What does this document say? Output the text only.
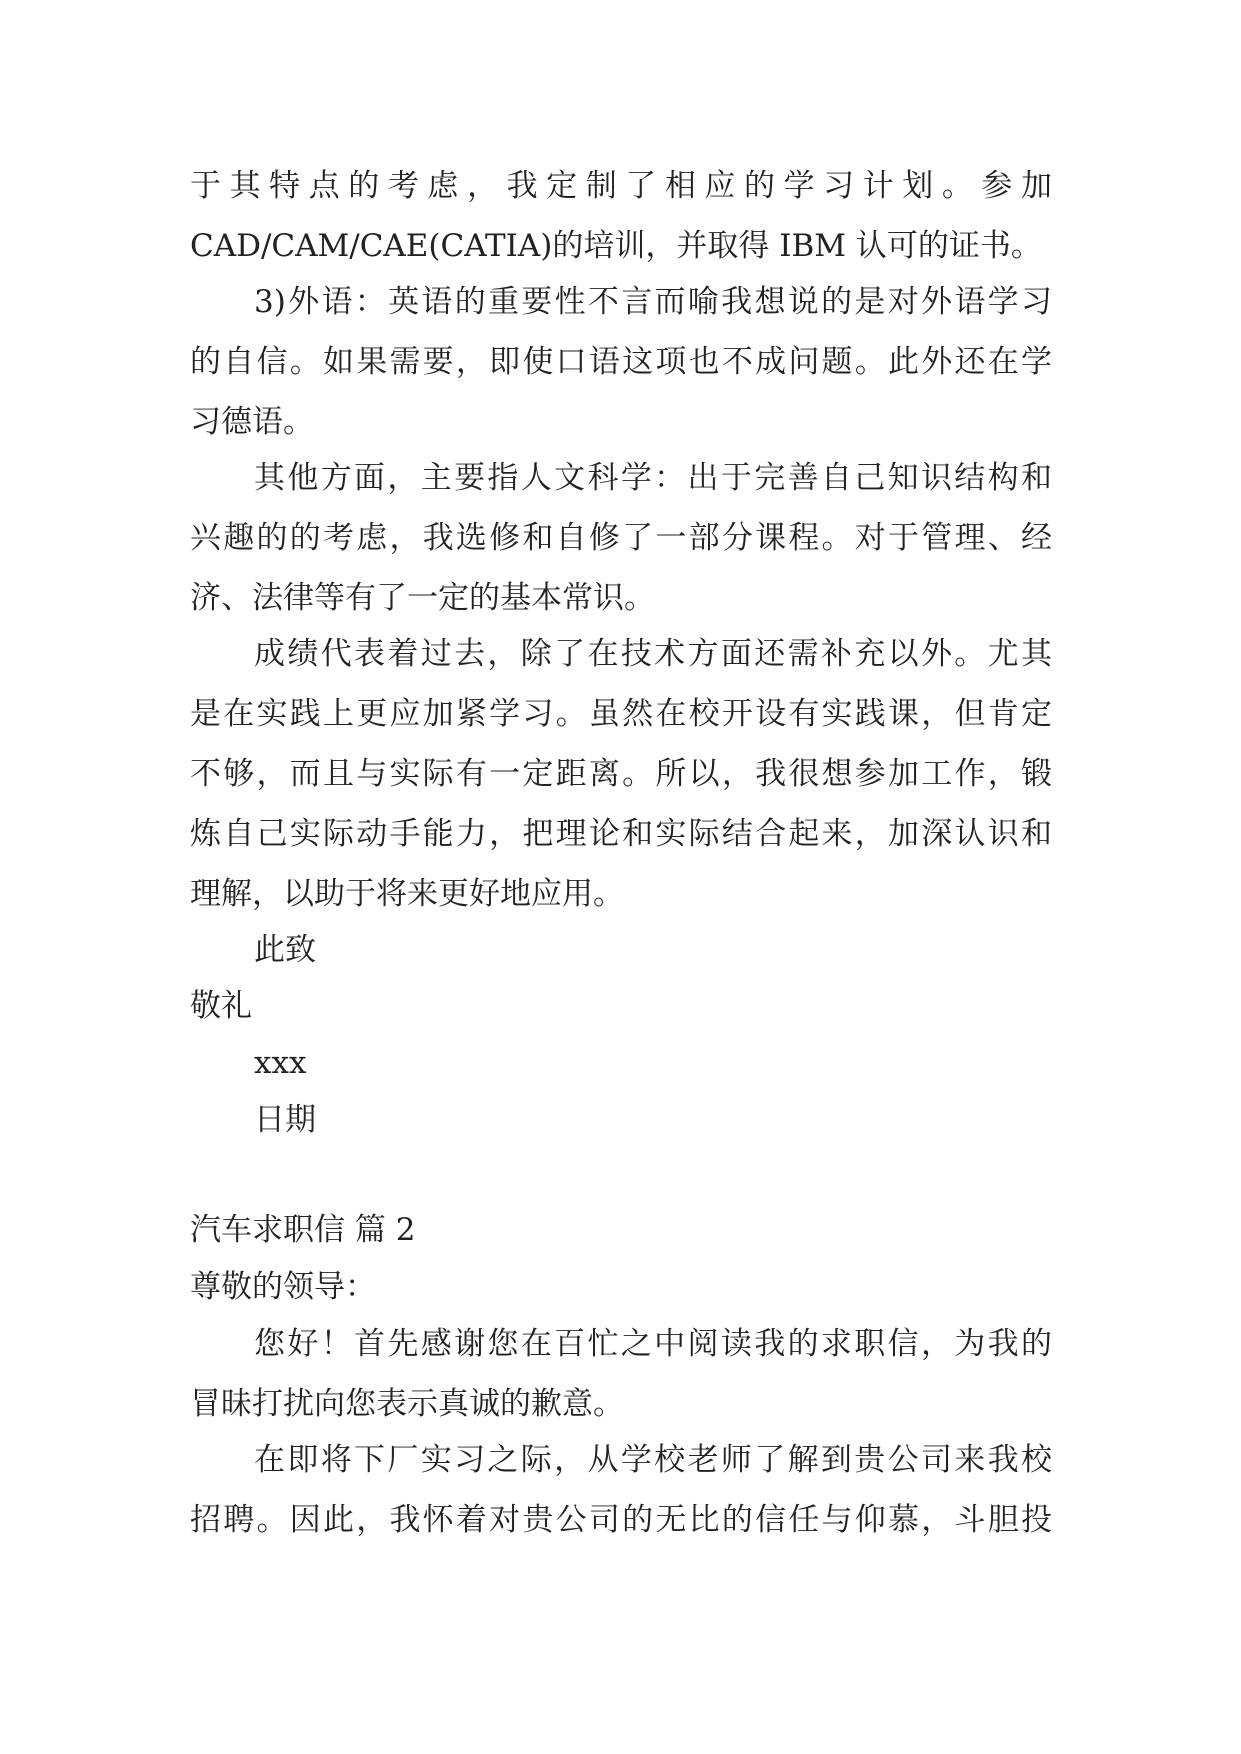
于其特点的考虑，我定制了相应的学习计划。参加
CAD/CAM/CAE(CATIA)的培训，并取得 IBM 认可的证书。
3)外语：英语的重要性不言而喻我想说的是对外语学习
的自信。如果需要，即使口语这项也不成问题。此外还在学
习德语。
其他方面，主要指人文科学：出于完善自己知识结构和
兴趣的的考虑，我选修和自修了一部分课程。对于管理、经
济、法律等有了一定的基本常识。
成绩代表着过去，除了在技术方面还需补充以外。尤其
是在实践上更应加紧学习。虽然在校开设有实践课，但肯定
不够，而且与实际有一定距离。所以，我很想参加工作，锻
炼自己实际动手能力，把理论和实际结合起来，加深认识和
理解，以助于将来更好地应用。
此致
敬礼
xxx
日期
汽车求职信 篇 2
尊敬的领导：
您好！首先感谢您在百忙之中阅读我的求职信，为我的
冒昧打扰向您表示真诚的歉意。
在即将下厂实习之际，从学校老师了解到贵公司来我校
招聘。因此，我怀着对贵公司的无比的信任与仰慕，斗胆投
